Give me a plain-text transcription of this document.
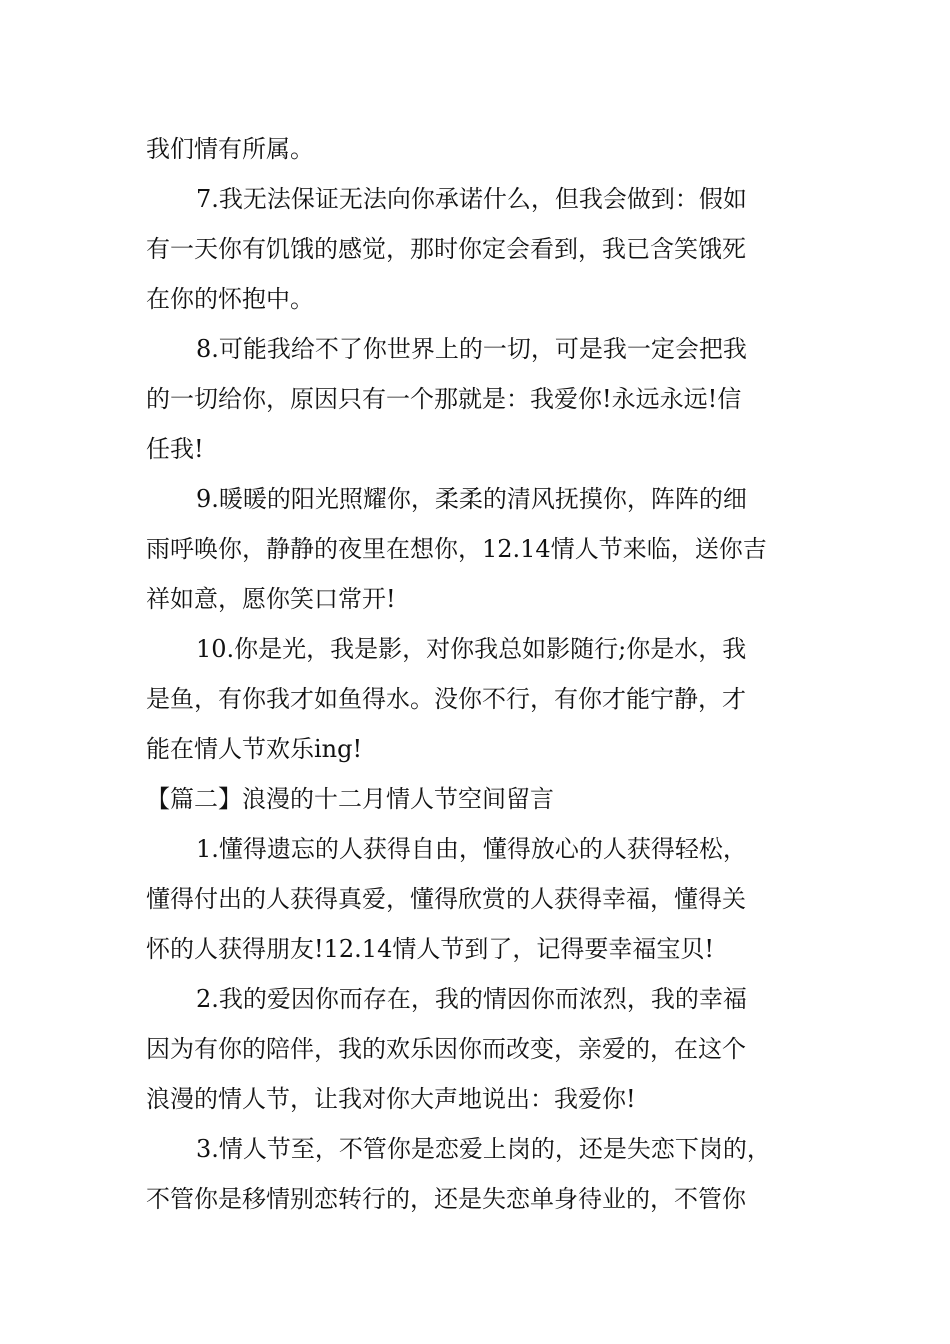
我们情有所属。
7.我无法保证无法向你承诺什么，但我会做到：假如
有一天你有饥饿的感觉，那时你定会看到，我已含笑饿死
在你的怀抱中。
8.可能我给不了你世界上的一切，可是我一定会把我
的一切给你，原因只有一个那就是：我爱你!永远永远!信
任我!
9.暖暖的阳光照耀你，柔柔的清风抚摸你，阵阵的细
雨呼唤你，静静的夜里在想你，12.14情人节来临，送你吉
祥如意，愿你笑口常开!
10.你是光，我是影，对你我总如影随行;你是水，我
是鱼，有你我才如鱼得水。没你不行，有你才能宁静，才
能在情人节欢乐ing!
【篇二】浪漫的十二月情人节空间留言
1.懂得遗忘的人获得自由，懂得放心的人获得轻松，
懂得付出的人获得真爱，懂得欣赏的人获得幸福，懂得关
怀的人获得朋友!12.14情人节到了，记得要幸福宝贝!
2.我的爱因你而存在，我的情因你而浓烈，我的幸福
因为有你的陪伴，我的欢乐因你而改变，亲爱的，在这个
浪漫的情人节，让我对你大声地说出：我爱你!
3.情人节至，不管你是恋爱上岗的，还是失恋下岗的，
不管你是移情别恋转行的，还是失恋单身待业的，不管你
